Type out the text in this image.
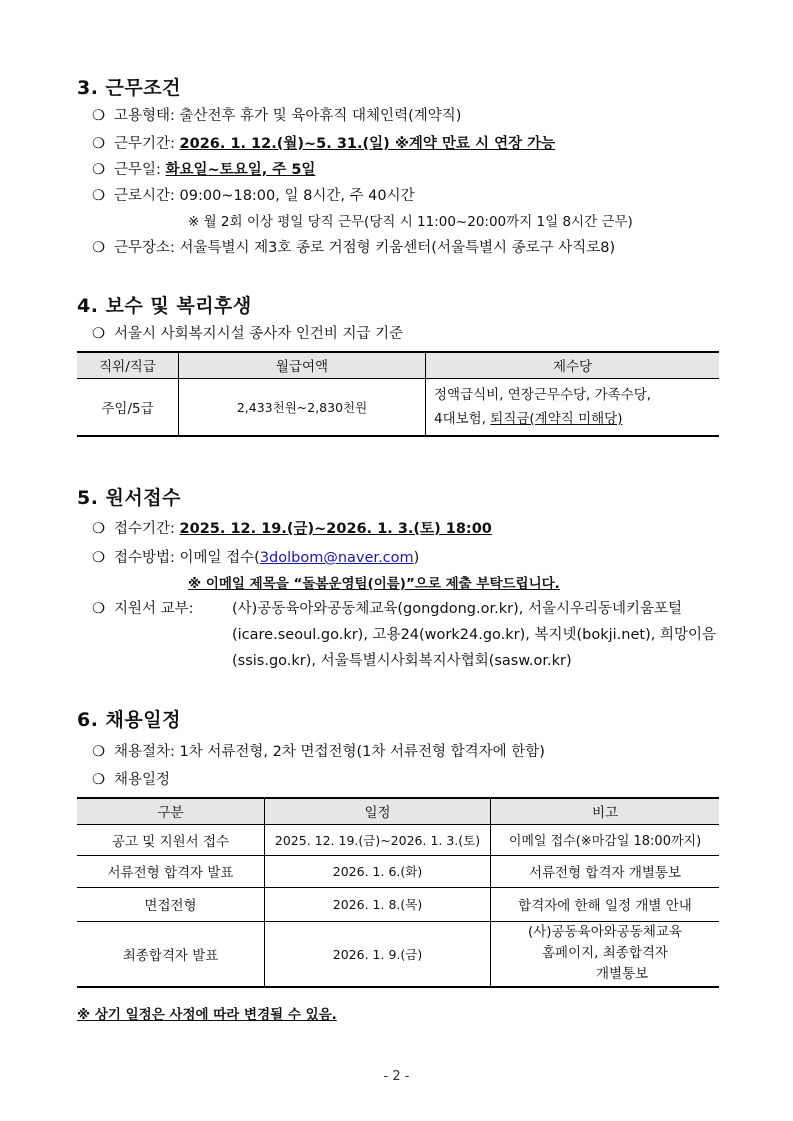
3. 근무조건
❍ 고용형태: 출산전후 휴가 및 육아휴직 대체인력(계약직)
❍ 근무기간: 2026. 1. 12.(월)~5. 31.(일) ※계약 만료 시 연장 가능
❍ 근무일: 화요일~토요일, 주 5일
❍ 근로시간: 09:00~18:00, 일 8시간, 주 40시간
※ 월 2회 이상 평일 당직 근무(당직 시 11:00~20:00까지 1일 8시간 근무)
❍ 근무장소: 서울특별시 제3호 종로 거점형 키움센터(서울특별시 종로구 사직로8)
4. 보수 및 복리후생
❍ 서울시 사회복지시설 종사자 인건비 지급 기준
직위/직급	월급여액	제수당
주임/5급	2,433천원~2,830천원	정액급식비, 연장근무수당, 가족수당,
4대보험, 퇴직금(계약직 미해당)
5. 원서접수
❍ 접수기간: 2025. 12. 19.(금)~2026. 1. 3.(토) 18:00
❍ 접수방법: 이메일 접수(3dolbom@naver.com)
※ 이메일 제목을 “돌봄운영팀(이름)”으로 제출 부탁드립니다.
❍ 지원서 교부:	(사)공동육아와공동체교육(gongdong.or.kr), 서울시우리동네키움포털
(icare.seoul.go.kr), 고용24(work24.go.kr), 복지넷(bokji.net), 희망이음
(ssis.go.kr), 서울특별시사회복지사협회(sasw.or.kr)
6. 채용일정
❍ 채용절차: 1차 서류전형, 2차 면접전형(1차 서류전형 합격자에 한함)
❍ 채용일정
구분	일정	비고
공고 및 지원서 접수	2025. 12. 19.(금)~2026. 1. 3.(토)	이메일 접수(※마감일 18:00까지)
서류전형 합격자 발표	2026. 1. 6.(화)	서류전형 합격자 개별통보
면접전형	2026. 1. 8.(목)	합격자에 한해 일정 개별 안내
최종합격자 발표	2026. 1. 9.(금)	(사)공동육아와공동체교육
홈페이지, 최종합격자
개별통보
※ 상기 일정은 사정에 따라 변경될 수 있음.
- 2 -
